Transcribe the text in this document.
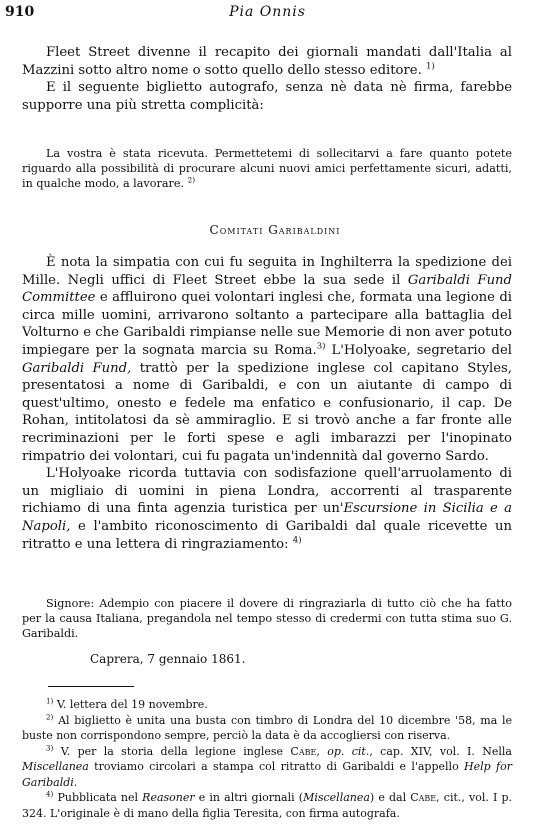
910	Pia Onnis

Fleet Street divenne il recapito dei giornali mandati dall'Italia al Mazzini sotto altro nome o sotto quello dello stesso editore. $^{1)}$

E il seguente biglietto autografo, senza nè data nè firma, farebbe supporre una più stretta complicità:

La vostra è stata ricevuta. Permettetemi di sollecitarvi a fare quanto potete riguardo alla possibilità di procurare alcuni nuovi amici perfettamente sicuri, adatti, in qualche modo, a lavorare. $^{2)}$

Comitati Garibaldini

È nota la simpatia con cui fu seguita in Inghilterra la spedizione dei Mille. Negli uffici di Fleet Street ebbe la sua sede il Garibaldi Fund Committee e affluirono quei volontari inglesi che, formata una legione di circa mille uomini, arrivarono soltanto a partecipare alla battaglia del Volturno e che Garibaldi rimpianse nelle sue Memorie di non aver potuto impiegare per la sognata marcia su Roma.$^{3)}$ L'Holyoake, segretario del Garibaldi Fund, trattò per la spedizione inglese col capitano Styles, presentatosi a nome di Garibaldi, e con un aiutante di campo di quest'ultimo, onesto e fedele ma enfatico e confusionario, il cap. De Rohan, intitolatosi da sè ammiraglio. E si trovò anche a far fronte alle recriminazioni per le forti spese e agli imbarazzi per l'inopinato rimpatrio dei volontari, cui fu pagata un'indennità dal governo Sardo.

L'Holyoake ricorda tuttavia con sodisfazione quell'arruolamento di un migliaio di uomini in piena Londra, accorrenti al trasparente richiamo di una finta agenzia turistica per un'Escursione in Sicilia e a Napoli, e l'ambito riconoscimento di Garibaldi dal quale ricevette un ritratto e una lettera di ringraziamento: $^{4)}$

Signore: Adempio con piacere il dovere di ringraziarla di tutto ciò che ha fatto per la causa Italiana, pregandola nel tempo stesso di credermi con tutta stima suo G. Garibaldi.

Caprera, 7 gennaio 1861.

$^{1)}$ V. lettera del 19 novembre.

$^{2)}$ Al biglietto è unita una busta con timbro di Londra del 10 dicembre '58, ma le buste non corrispondono sempre, perciò la data è da accogliersi con riserva.

$^{3)}$ V. per la storia della legione inglese Cabe, op. cit., cap. XIV, vol. I. Nella Miscellanea troviamo circolari a stampa col ritratto di Garibaldi e l'appello Help for Garibaldi.

$^{4)}$ Pubblicata nel Reasoner e in altri giornali (Miscellanea) e dal Cabe, cit., vol. I p. 324. L'originale è di mano della figlia Teresita, con firma autografa.
